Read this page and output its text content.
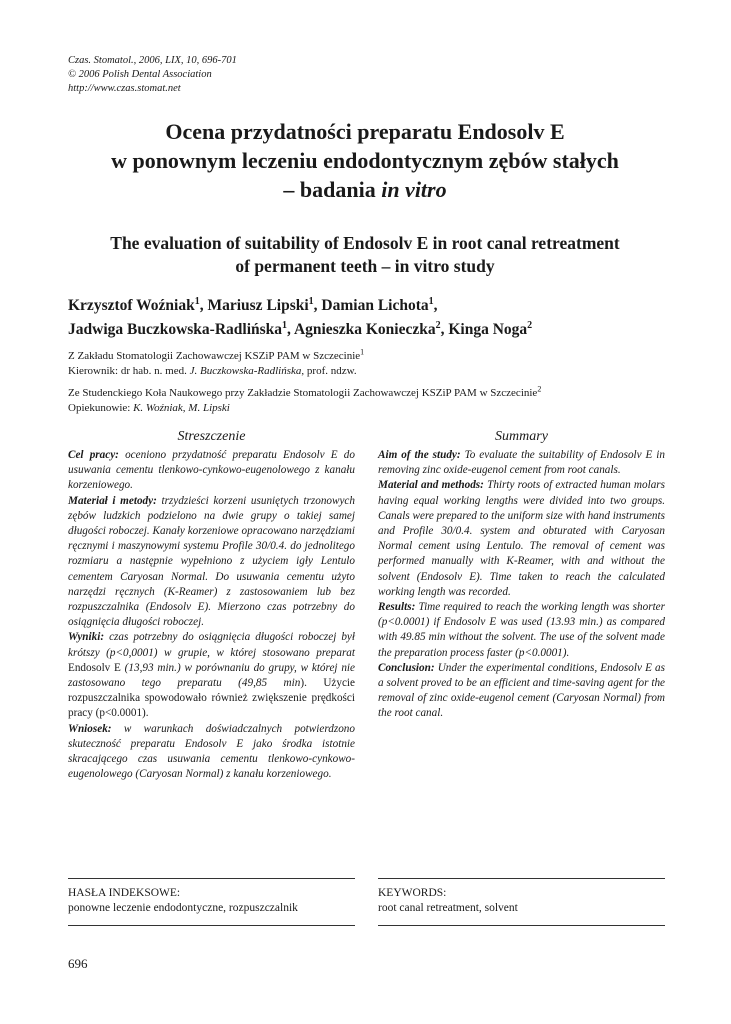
Czas. Stomatol., 2006, LIX, 10, 696-701
© 2006 Polish Dental Association
http://www.czas.stomat.net
Ocena przydatności preparatu Endosolv E
w ponownym leczeniu endodontycznym zębów stałych
– badania in vitro
The evaluation of suitability of Endosolv E in root canal retreatment
of permanent teeth – in vitro study
Krzysztof Woźniak$^1$, Mariusz Lipski$^1$, Damian Lichota$^1$,
Jadwiga Buczkowska-Radlińska$^1$, Agnieszka Konieczka$^2$, Kinga Noga$^2$
Z Zakładu Stomatologii Zachowawczej KSZiP PAM w Szczecinie$^1$
Kierownik: dr hab. n. med. J. Buczkowska-Radlińska, prof. ndzw.
Ze Studenckiego Koła Naukowego przy Zakładzie Stomatologii Zachowawczej KSZiP PAM w Szczecinie$^2$
Opiekunowie: K. Woźniak, M. Lipski
Streszczenie

Cel pracy: oceniono przydatność preparatu Endosolv E do usuwania cementu tlenkowo-cynkowo-eugenolowego z kanału korzeniowego.

Materiał i metody: trzydzieści korzeni usuniętych trzonowych zębów ludzkich podzielono na dwie grupy o takiej samej długości roboczej. Kanały korzeniowe opracowano narzędziami ręcznymi i maszynowymi systemu Profile 30/0.4. do jednolitego rozmiaru a następnie wypełniono z użyciem igły Lentulo cementem Caryosan Normal. Do usuwania cementu użyto narzędzi ręcznych (K-Reamer) z zastosowaniem lub bez rozpuszczalnika (Endosolv E). Mierzono czas potrzebny do osiągnięcia długości roboczej.

Wyniki: czas potrzebny do osiągnięcia długości roboczej był krótszy (p<0,0001) w grupie, w której stosowano preparat Endosolv E (13,93 min.) w porównaniu do grupy, w której nie zastosowano tego preparatu (49,85 min). Użycie rozpuszczalnika spowodowało również zwiększenie prędkości pracy (p<0.0001).

Wniosek: w warunkach doświadczalnych potwierdzono skuteczność preparatu Endosolv E jako środka istotnie skracającego czas usuwania cementu tlenkowo-cynkowo-eugenolowego (Caryosan Normal) z kanału korzeniowego.

Summary

Aim of the study: To evaluate the suitability of Endosolv E in removing zinc oxide-eugenol cement from root canals.

Material and methods: Thirty roots of extracted human molars having equal working lengths were divided into two groups. Canals were prepared to the uniform size with hand instruments and Profile 30/0.4. system and obturated with Caryosan Normal cement using Lentulo. The removal of cement was performed manually with K-Reamer, with and without the solvent (Endosolv E). Time taken to reach the calculated working length was recorded.

Results: Time required to reach the working length was shorter (p<0.0001) if Endosolv E was used (13.93 min.) as compared with 49.85 min without the solvent. The use of the solvent made the preparation process faster (p<0.0001).

Conclusion: Under the experimental conditions, Endosolv E as a solvent proved to be an efficient and time-saving agent for the removal of zinc oxide-eugenol cement (Caryosan Normal) from the root canal.

HASŁA INDEKSOWE:
ponowne leczenie endodontyczne, rozpuszczalnik
KEYWORDS:
root canal retreatment, solvent
696
